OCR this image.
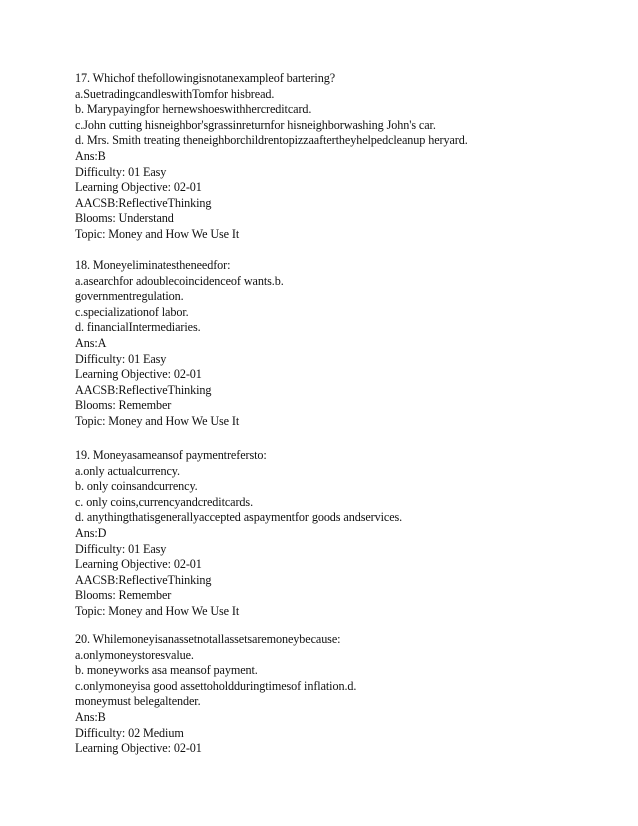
17. Whichof thefollowingisnotanexampleof bartering?
a.SuetradingcandleswithTomfor hisbread.
b. Marypayingfor hernewshoeswithhercreditcard.
c.John cutting hisneighbor'sgrassinreturnfor hisneighborwashing John's car.
d. Mrs. Smith treating theneighborchildrentopizzaaftertheyhelpedcleanup heryard.
Ans:B
Difficulty: 01 Easy
Learning Objective: 02-01
AACSB:ReflectiveThinking
Blooms: Understand
Topic: Money and How We Use It
18. Moneyeliminatestheneedfor:
a.asearchfor adoublecoincidenceof wants.b.
governmentregulation.
c.specializationof labor.
d. financialIntermediaries.
Ans:A
Difficulty: 01 Easy
Learning Objective: 02-01
AACSB:ReflectiveThinking
Blooms: Remember
Topic: Money and How We Use It
19. Moneyasameansof paymentrefersto:
a.only actualcurrency.
b. only coinsandcurrency.
c. only coins,currencyandcreditcards.
d. anythingthatisgenerallyaccepted aspaymentfor goods andservices.
Ans:D
Difficulty: 01 Easy
Learning Objective: 02-01
AACSB:ReflectiveThinking
Blooms: Remember
Topic: Money and How We Use It
20. Whilemoneyisanassetnotallassetsaremoneybecause:
a.onlymoneystoresvalue.
b. moneyworks asa meansof payment.
c.onlymoneyisa good assettoholdduringtimesof inflation.d.
moneymust belegaltender.
Ans:B
Difficulty: 02 Medium
Learning Objective: 02-01
